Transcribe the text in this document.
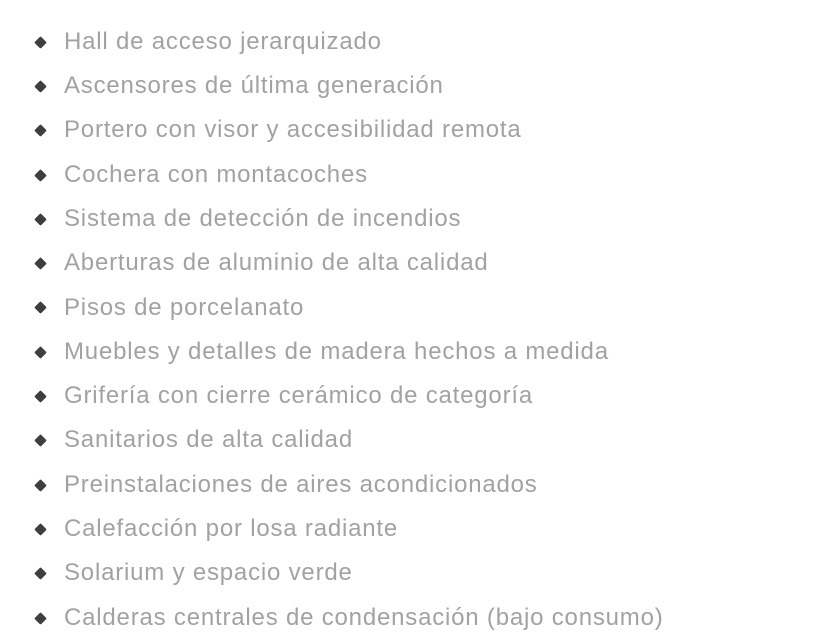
Hall de acceso jerarquizado
Ascensores de última generación
Portero con visor y accesibilidad remota
Cochera con montacoches
Sistema de detección de incendios
Aberturas de aluminio de alta calidad
Pisos de porcelanato
Muebles y detalles de madera hechos a medida
Grifería con cierre cerámico de categoría
Sanitarios de alta calidad
Preinstalaciones de aires acondicionados
Calefacción por losa radiante
Solarium y espacio verde
Calderas centrales de condensación (bajo consumo)
